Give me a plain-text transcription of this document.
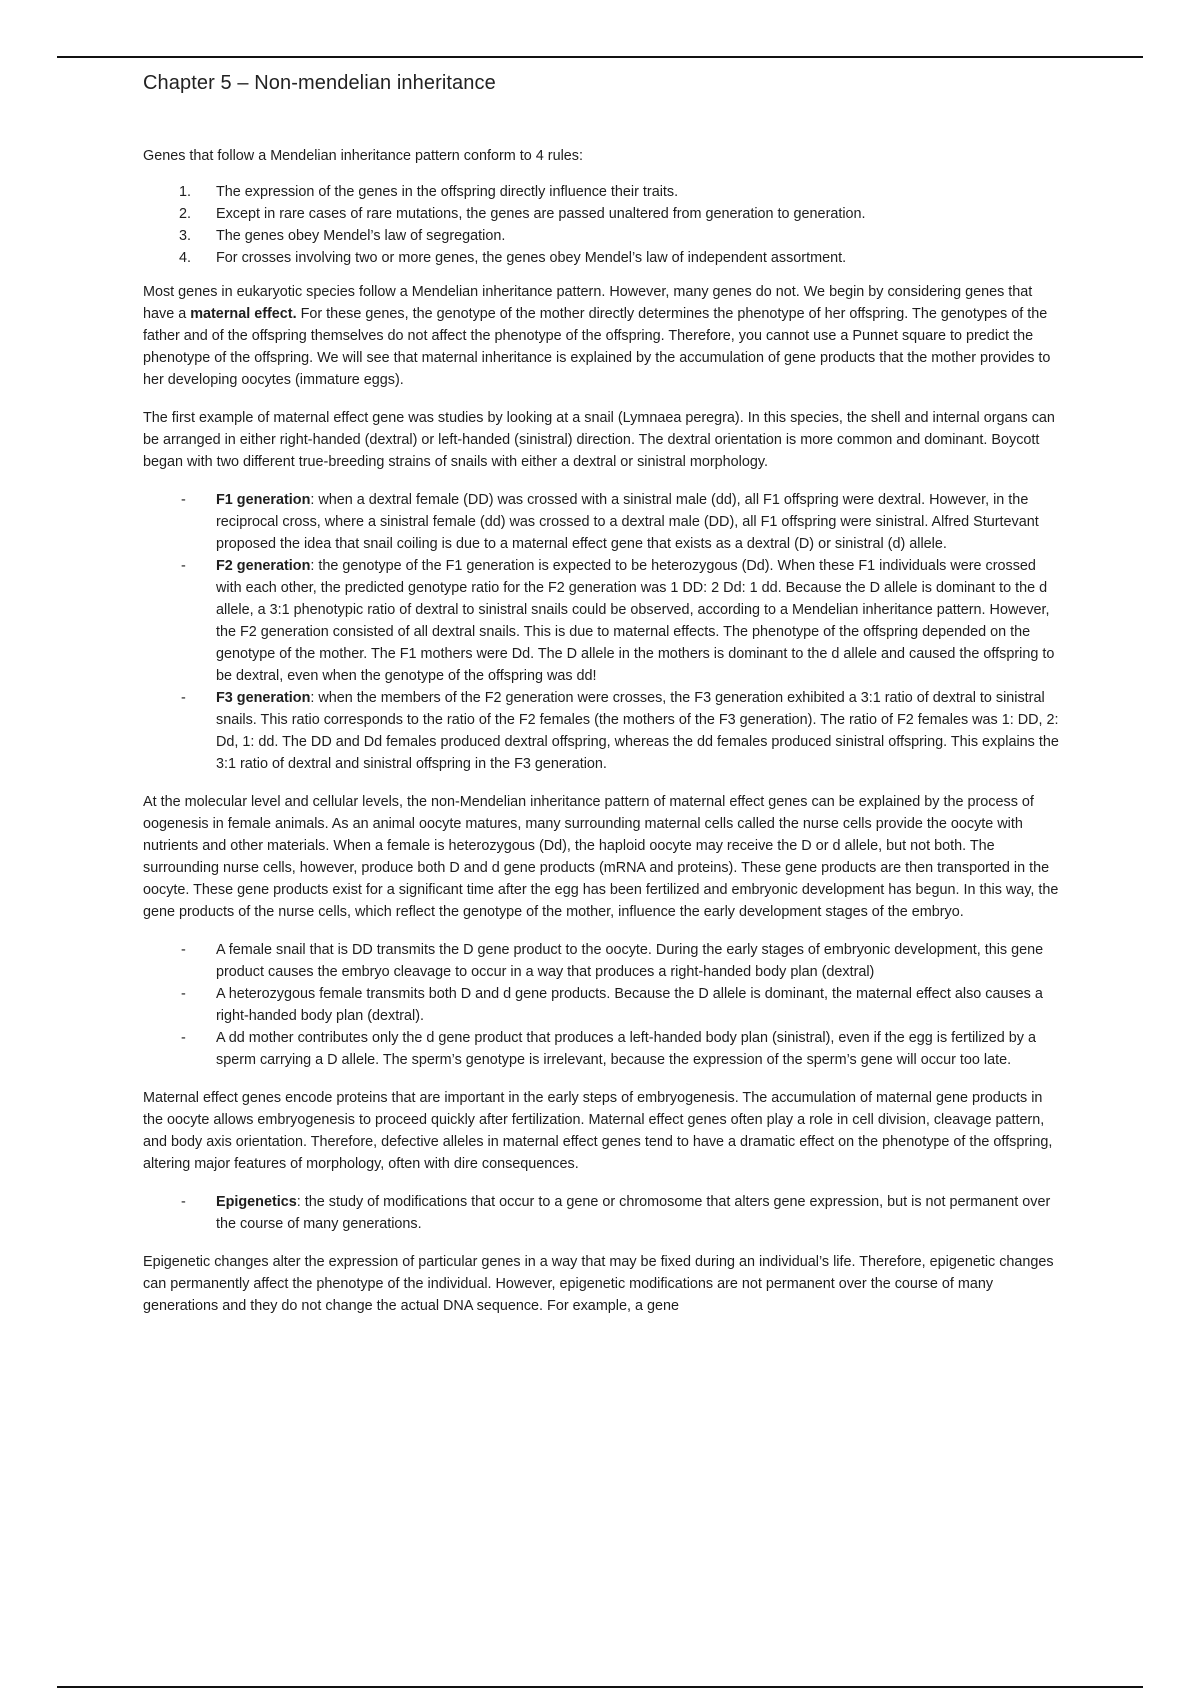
Chapter 5 – Non-mendelian inheritance

Genes that follow a Mendelian inheritance pattern conform to 4 rules:

1. The expression of the genes in the offspring directly influence their traits.
2. Except in rare cases of rare mutations, the genes are passed unaltered from generation to generation.
3. The genes obey Mendel’s law of segregation.
4. For crosses involving two or more genes, the genes obey Mendel’s law of independent assortment.

Most genes in eukaryotic species follow a Mendelian inheritance pattern. However, many genes do not. We begin by considering genes that have a maternal effect. For these genes, the genotype of the mother directly determines the phenotype of her offspring. The genotypes of the father and of the offspring themselves do not affect the phenotype of the offspring. Therefore, you cannot use a Punnet square to predict the phenotype of the offspring. We will see that maternal inheritance is explained by the accumulation of gene products that the mother provides to her developing oocytes (immature eggs).

The first example of maternal effect gene was studies by looking at a snail (Lymnaea peregra). In this species, the shell and internal organs can be arranged in either right-handed (dextral) or left-handed (sinistral) direction. The dextral orientation is more common and dominant. Boycott began with two different true-breeding strains of snails with either a dextral or sinistral morphology.

- F1 generation: when a dextral female (DD) was crossed with a sinistral male (dd), all F1 offspring were dextral. However, in the reciprocal cross, where a sinistral female (dd) was crossed to a dextral male (DD), all F1 offspring were sinistral. Alfred Sturtevant proposed the idea that snail coiling is due to a maternal effect gene that exists as a dextral (D) or sinistral (d) allele.
- F2 generation: the genotype of the F1 generation is expected to be heterozygous (Dd). When these F1 individuals were crossed with each other, the predicted genotype ratio for the F2 generation was 1 DD: 2 Dd: 1 dd. Because the D allele is dominant to the d allele, a 3:1 phenotypic ratio of dextral to sinistral snails could be observed, according to a Mendelian inheritance pattern. However, the F2 generation consisted of all dextral snails. This is due to maternal effects. The phenotype of the offspring depended on the genotype of the mother. The F1 mothers were Dd. The D allele in the mothers is dominant to the d allele and caused the offspring to be dextral, even when the genotype of the offspring was dd!
- F3 generation: when the members of the F2 generation were crosses, the F3 generation exhibited a 3:1 ratio of dextral to sinistral snails. This ratio corresponds to the ratio of the F2 females (the mothers of the F3 generation). The ratio of F2 females was 1: DD, 2: Dd, 1: dd. The DD and Dd females produced dextral offspring, whereas the dd females produced sinistral offspring. This explains the 3:1 ratio of dextral and sinistral offspring in the F3 generation.

At the molecular level and cellular levels, the non-Mendelian inheritance pattern of maternal effect genes can be explained by the process of oogenesis in female animals. As an animal oocyte matures, many surrounding maternal cells called the nurse cells provide the oocyte with nutrients and other materials. When a female is heterozygous (Dd), the haploid oocyte may receive the D or d allele, but not both. The surrounding nurse cells, however, produce both D and d gene products (mRNA and proteins). These gene products are then transported in the oocyte. These gene products exist for a significant time after the egg has been fertilized and embryonic development has begun. In this way, the gene products of the nurse cells, which reflect the genotype of the mother, influence the early development stages of the embryo.

- A female snail that is DD transmits the D gene product to the oocyte. During the early stages of embryonic development, this gene product causes the embryo cleavage to occur in a way that produces a right-handed body plan (dextral)
- A heterozygous female transmits both D and d gene products. Because the D allele is dominant, the maternal effect also causes a right-handed body plan (dextral).
- A dd mother contributes only the d gene product that produces a left-handed body plan (sinistral), even if the egg is fertilized by a sperm carrying a D allele. The sperm’s genotype is irrelevant, because the expression of the sperm’s gene will occur too late.

Maternal effect genes encode proteins that are important in the early steps of embryogenesis. The accumulation of maternal gene products in the oocyte allows embryogenesis to proceed quickly after fertilization. Maternal effect genes often play a role in cell division, cleavage pattern, and body axis orientation. Therefore, defective alleles in maternal effect genes tend to have a dramatic effect on the phenotype of the offspring, altering major features of morphology, often with dire consequences.

- Epigenetics: the study of modifications that occur to a gene or chromosome that alters gene expression, but is not permanent over the course of many generations.

Epigenetic changes alter the expression of particular genes in a way that may be fixed during an individual’s life. Therefore, epigenetic changes can permanently affect the phenotype of the individual. However, epigenetic modifications are not permanent over the course of many generations and they do not change the actual DNA sequence. For example, a gene
